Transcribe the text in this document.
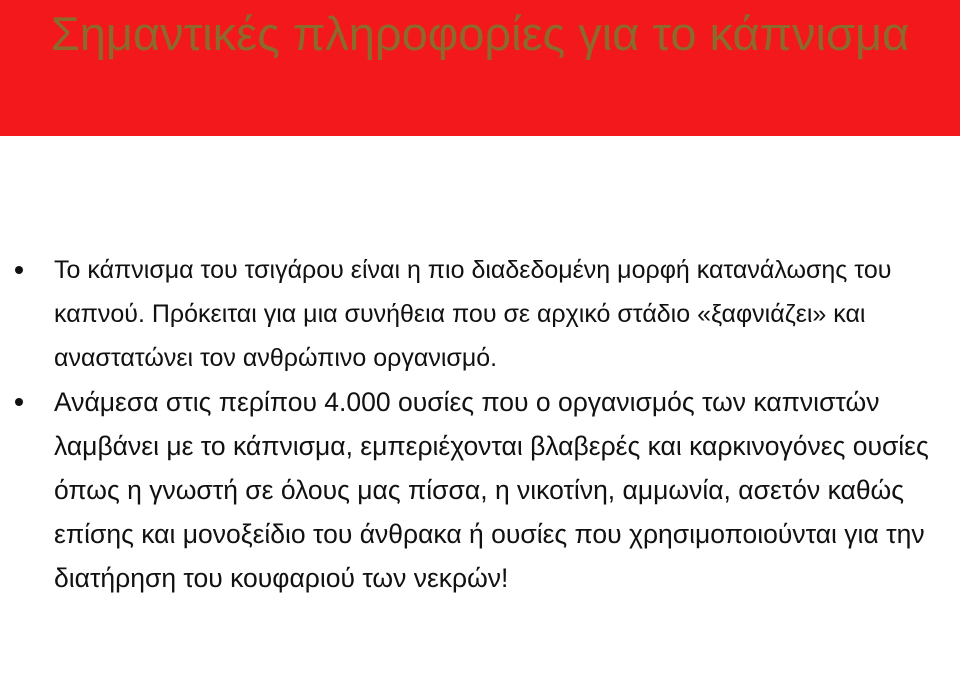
Σημαντικές πληροφορίες για το κάπνισμα
Το κάπνισμα του τσιγάρου είναι η πιο διαδεδομένη μορφή κατανάλωσης του καπνού. Πρόκειται για μια συνήθεια που σε αρχικό στάδιο «ξαφνιάζει» και αναστατώνει τον ανθρώπινο οργανισμό.
Ανάμεσα στις περίπου 4.000 ουσίες που ο οργανισμός των καπνιστών λαμβάνει με το κάπνισμα, εμπεριέχονται βλαβερές και καρκινογόνες ουσίες όπως η γνωστή σε όλους μας πίσσα, η νικοτίνη, αμμωνία, ασετόν καθώς επίσης και μονοξείδιο του άνθρακα ή ουσίες που χρησιμοποιούνται για την διατήρηση του κουφαριού των νεκρών!
